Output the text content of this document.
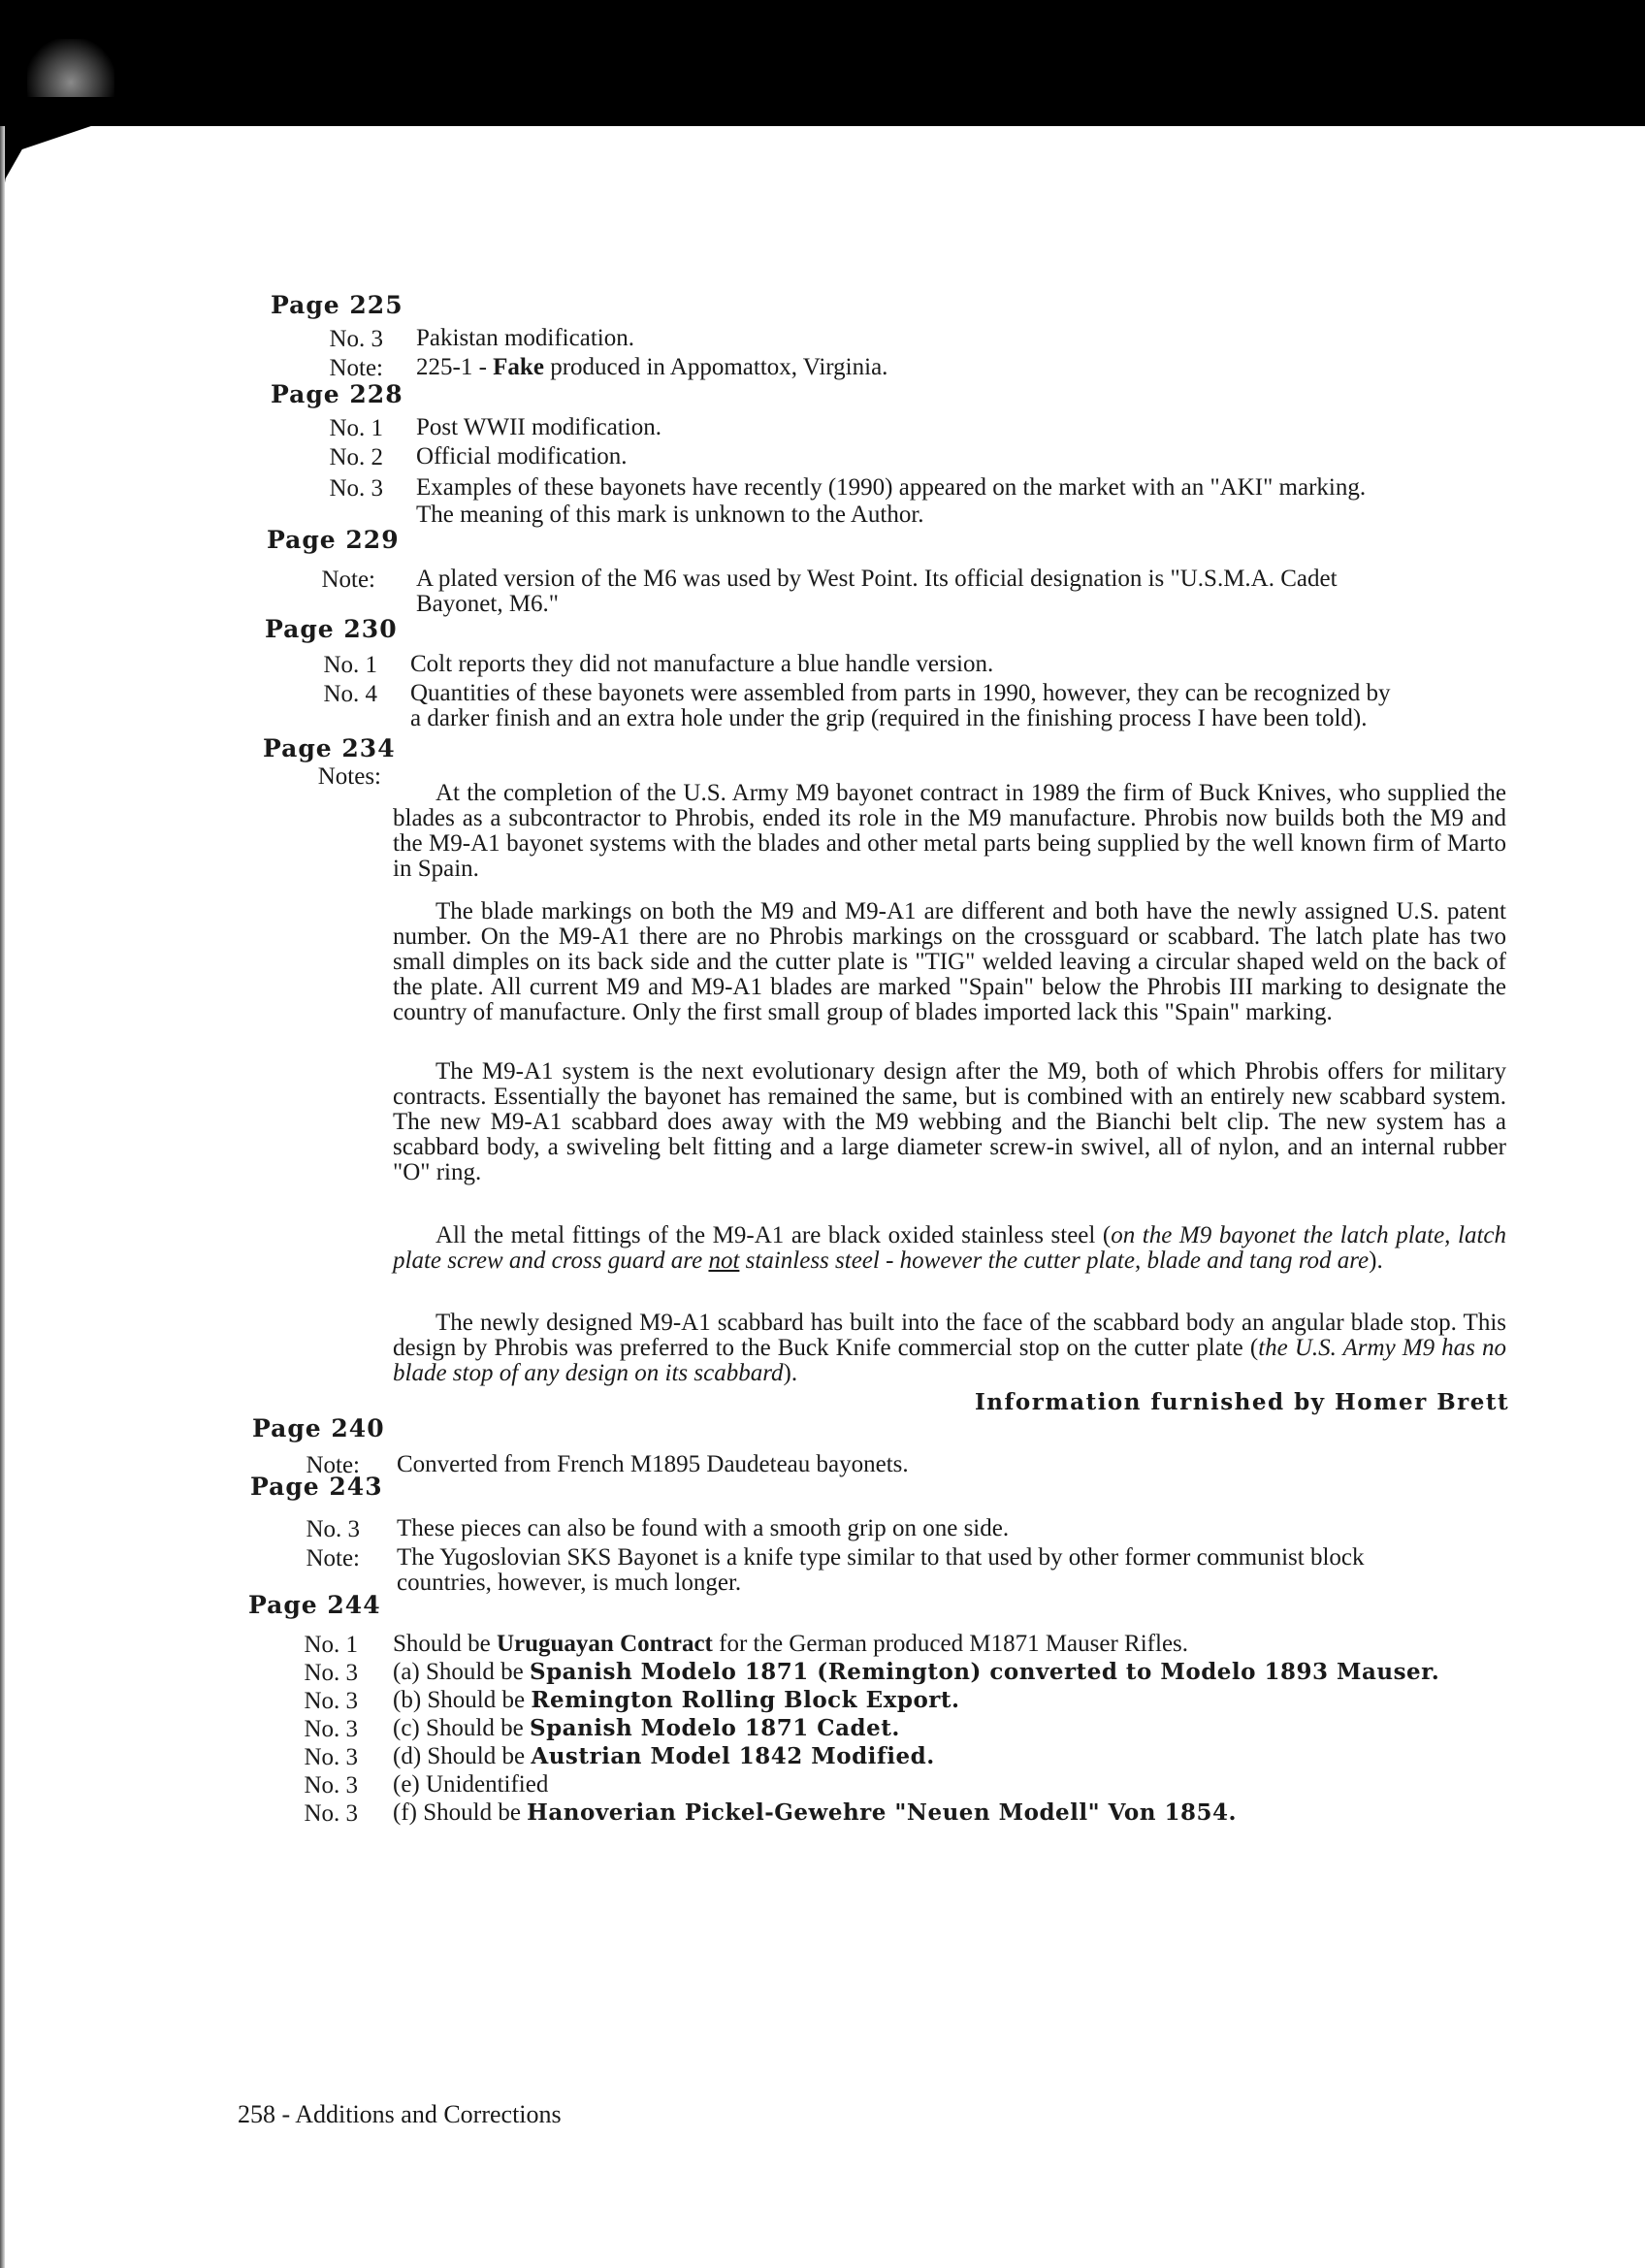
Information furnished by Homer Brett
258 - Additions and Corrections
Page 225
No. 3 Pakistan modification.
Note: 225-1 - Fake produced in Appomattox, Virginia.
Page 228
No. 1 Post WWII modification.
No. 2 Official modification.
No. 3 Examples of these bayonets have recently (1990) appeared on the market with an "AKI" marking.
The meaning of this mark is unknown to the Author.
Page 229
Note: A plated version of the M6 was used by West Point. Its official designation is "U.S.M.A. Cadet
Bayonet, M6."
Page 230
No. 1 Colt reports they did not manufacture a blue handle version.
No. 4 Quantities of these bayonets were assembled from parts in 1990, however, they can be recognized by
a darker finish and an extra hole under the grip (required in the finishing process I have been told).
Page 234
Notes:
Page 240
Note: Converted from French M1895 Daudeteau bayonets.
Page 243
No. 3 These pieces can also be found with a smooth grip on one side.
Note: The Yugoslovian SKS Bayonet is a knife type similar to that used by other former communist block
countries, however, is much longer.
Page 244
No. 1 Should be Uruguayan Contract for the German produced M1871 Mauser Rifles.
No. 3 (a) Should be Spanish Modelo 1871 (Remington) converted to Modelo 1893 Mauser.
No. 3 (b) Should be Remington Rolling Block Export.
No. 3 (c) Should be Spanish Modelo 1871 Cadet.
No. 3 (d) Should be Austrian Model 1842 Modified.
No. 3 (e) Unidentified
No. 3 (f) Should be Hanoverian Pickel-Gewehre "Neuen Modell" Von 1854.
At the completion of the U.S. Army M9 bayonet contract in 1989 the firm of Buck Knives, who supplied the blades as a subcontractor to Phrobis, ended its role in the M9 manufacture. Phrobis now builds both the M9 and the M9-A1 bayonet systems with the blades and other metal parts being supplied by the well known firm of Marto in Spain.
The blade markings on both the M9 and M9-A1 are different and both have the newly assigned U.S. patent number. On the M9-A1 there are no Phrobis markings on the crossguard or scabbard. The latch plate has two small dimples on its back side and the cutter plate is "TIG" welded leaving a circular shaped weld on the back of the plate. All current M9 and M9-A1 blades are marked "Spain" below the Phrobis III marking to designate the country of manufacture. Only the first small group of blades imported lack this "Spain" marking.
The M9-A1 system is the next evolutionary design after the M9, both of which Phrobis offers for military contracts. Essentially the bayonet has remained the same, but is combined with an entirely new scabbard system. The new M9-A1 scabbard does away with the M9 webbing and the Bianchi belt clip. The new system has a scabbard body, a swiveling belt fitting and a large diameter screw-in swivel, all of nylon, and an internal rubber "O" ring.
All the metal fittings of the M9-A1 are black oxided stainless steel (on the M9 bayonet the latch plate, latch plate screw and cross guard are not stainless steel - however the cutter plate, blade and tang rod are).
The newly designed M9-A1 scabbard has built into the face of the scabbard body an angular blade stop. This design by Phrobis was preferred to the Buck Knife commercial stop on the cutter plate (the U.S. Army M9 has no blade stop of any design on its scabbard).
